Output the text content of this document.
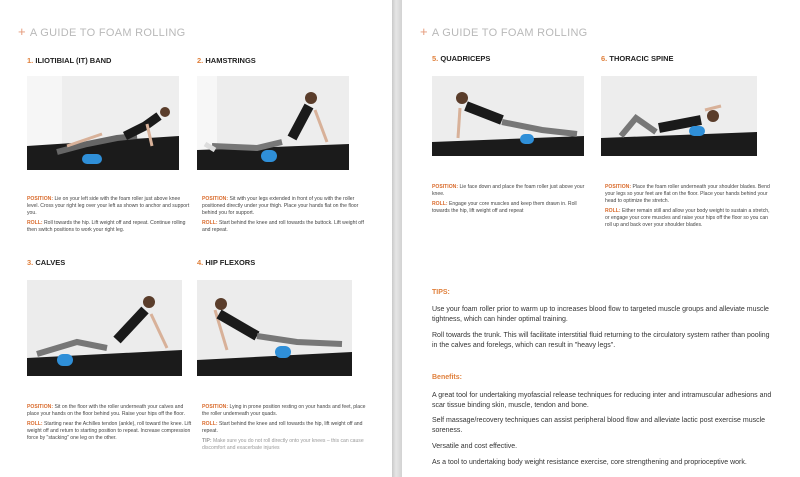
+ A GUIDE TO FOAM ROLLING
1. ILIOTIBIAL (IT) BAND

POSITION: Lie on your left side with the foam roller just above knee level. Cross your right leg over your left as shown to anchor and support you.

ROLL: Roll towards the hip. Lift weight off and repeat. Continue rolling then switch positions to work your right leg.

2. HAMSTRINGS

POSITION: Sit with your legs extended in front of you with the roller positioned directly under your thigh. Place your hands flat on the floor behind you for support.

ROLL: Start behind the knee and roll towards the buttock. Lift weight off and repeat.

3. CALVES

POSITION: Sit on the floor with the roller underneath your calves and place your hands on the floor behind you. Raise your hips off the floor.

ROLL: Starting near the Achilles tendon (ankle), roll toward the knee. Lift weight off and return to starting position to repeat. Increase compression force by "stacking" one leg on the other.

4. HIP FLEXORS

POSITION: Lying in prone position resting on your hands and feet, place the roller underneath your quads.

ROLL: Start behind the knee and roll towards the hip, lift weight off and repeat.

TIP: Make sure you do not roll directly onto your knees – this can cause discomfort and exacerbate injuries

+ A GUIDE TO FOAM ROLLING
5. QUADRICEPS

POSITION: Lie face down and place the foam roller just above your knee.

ROLL: Engage your core muscles and keep them drawn in. Roll towards the hip, lift weight off and repeat

6. THORACIC SPINE

POSITION: Place the foam roller underneath your shoulder blades. Bend your legs so your feet are flat on the floor. Place your hands behind your head to optimize the stretch.

ROLL: Either remain still and allow your body weight to sustain a stretch, or engage your core muscles and raise your hips off the floor so you can roll up and back over your shoulder blades.

TIPS:

Use your foam roller prior to warm up to increases blood flow to targeted muscle groups and alleviate muscle tightness, which can hinder optimal training.

Roll towards the trunk. This will facilitate interstitial fluid returning to the circulatory system rather than pooling in the calves and forelegs, which can result in "heavy legs".

Benefits:

A great tool for undertaking myofascial release techniques for reducing inter and intramuscular adhesions and scar tissue binding skin, muscle, tendon and bone.

Self massage/recovery techniques can assist peripheral blood flow and alleviate lactic post exercise muscle soreness.

Versatile and cost effective.

As a tool to undertaking body weight resistance exercise, core strengthening and proprioceptive work.
